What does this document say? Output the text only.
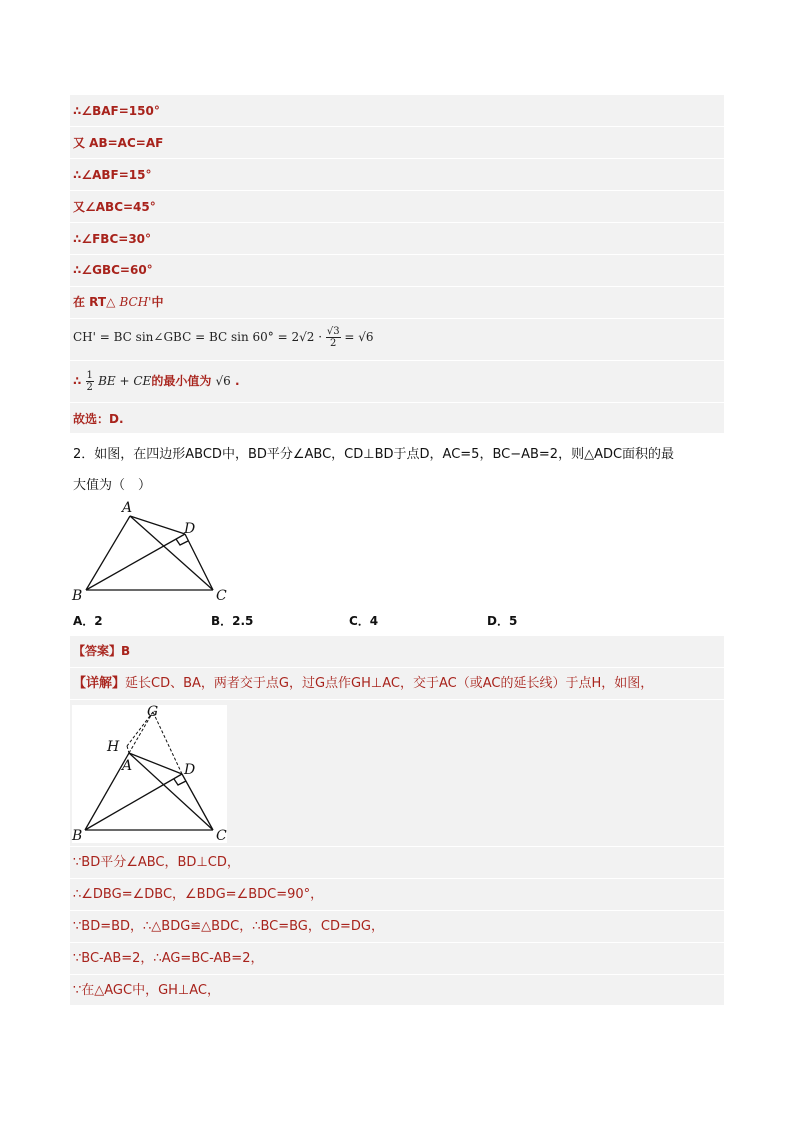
∴∠BAF=150°
又 AB=AC=AF
∴∠ABF=15°
又∠ABC=45°
∴∠FBC=30°
∴∠GBC=60°
在 RT△ BCH'中
CH' = BC sin∠GBC = BC $\sin 60^\circ = 2√2 \cdot \frac{√3}{2} = √6$
∴ $\frac{1}{2}$ BE + CE的最小值为 √6 .
故选：D.
2．如图，在四边形ABCD中，BD平分∠ABC，CD⊥BD于点D，AC=5，BC−AB=2，则△ADC面积的最
大值为（　）
A
D
B	C
A．2	B．2.5	C．4	D．5
【答案】B
【详解】延长CD、BA，两者交于点G，过G点作GH⊥AC，交于AC（或AC的延长线）于点H，如图，
G
H
A	D
B	C
∵BD平分∠ABC，BD⊥CD，
∴∠DBG=∠DBC，∠BDG=∠BDC=90°，
∵BD=BD，∴△BDG≌△BDC，∴BC=BG，CD=DG，
∵BC-AB=2，∴AG=BC-AB=2，
∵在△AGC中，GH⊥AC，
